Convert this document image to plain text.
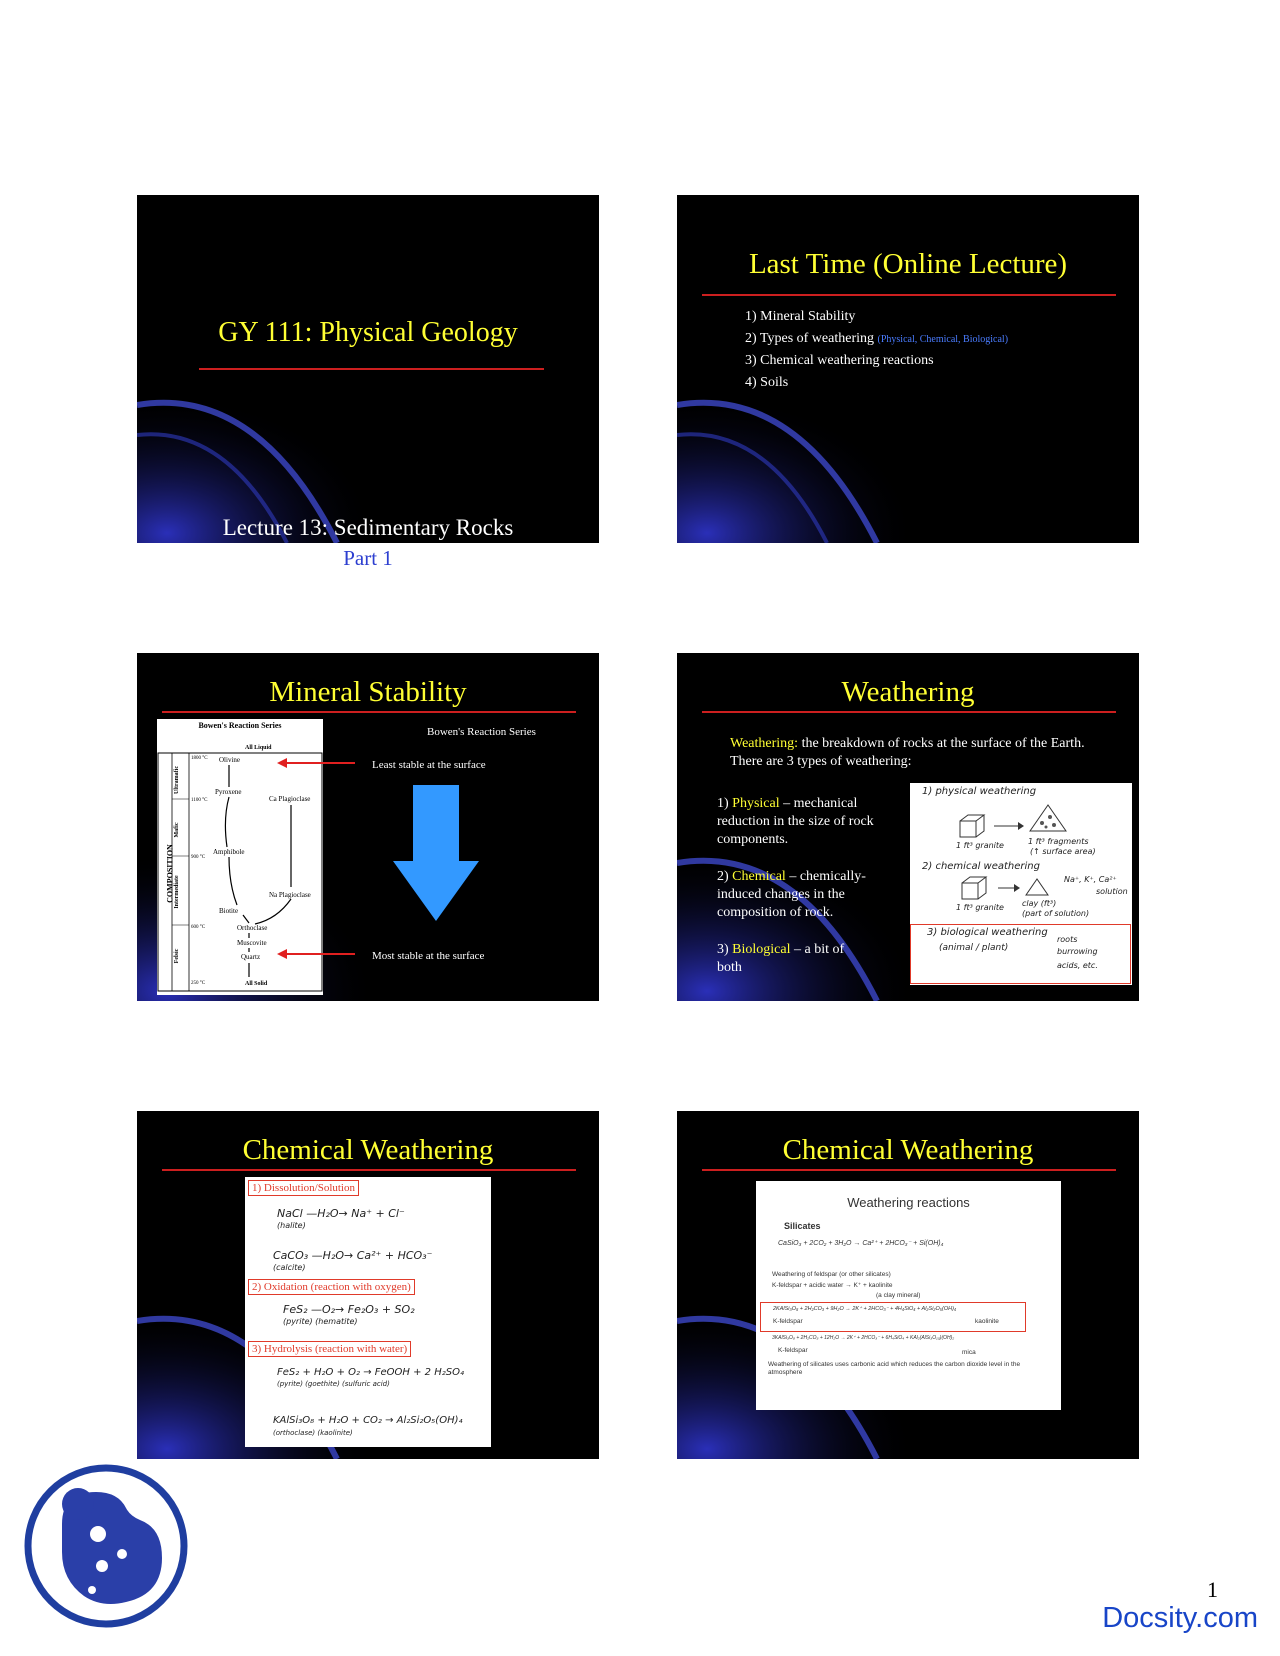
GY 111: Physical Geology
Lecture 13: Sedimentary Rocks
Part 1
Last Time (Online Lecture)
1) Mineral Stability
2) Types of weathering (Physical, Chemical, Biological)
3) Chemical weathering reactions
4) Soils
Mineral Stability
Bowen's Reaction Series
All Liquid
All Solid
COMPOSITION
Ultramafic
Mafic
Intermediate
Felsic
1800 °C
1100 °C
900 °C
600 °C
250 °C
Olivine
Pyroxene
Amphibole
Biotite
Orthoclase
Muscovite
Quartz
Ca Plagioclase
Na Plagioclase
Bowen's Reaction Series
Least stable at the surface
Most stable at the surface
Weathering
Weathering: the breakdown of rocks at the surface of the Earth. There are 3 types of weathering:
1) Physical – mechanical reduction in the size of rock components.
2) Chemical – chemically-induced changes in the composition of rock.
3) Biological – a bit of both
1) physical weathering
1 ft³ granite	1 ft³ fragments
(↑ surface area)
2) chemical weathering
Na⁺, K⁺, Ca²⁺
solution
1 ft³ granite clay (ft³)
(part of solution)
3) biological weathering
(animal / plant)
roots
burrowing
acids, etc.
Chemical Weathering
1) Dissolution/Solution
NaCl —H₂O→ Na⁺ + Cl⁻
(halite)
CaCO₃ —H₂O→ Ca²⁺ + HCO₃⁻
(calcite)
2) Oxidation (reaction with oxygen)
FeS₂ —O₂→ Fe₂O₃ + SO₂
(pyrite) (hematite)
3) Hydrolysis (reaction with water)
FeS₂ + H₂O + O₂ → FeOOH + 2 H₂SO₄
(pyrite) (goethite) (sulfuric acid)
KAlSi₃O₈ + H₂O + CO₂ → Al₂Si₂O₅(OH)₄
(orthoclase) (kaolinite)
Chemical Weathering
Weathering reactions
Silicates
CaSiO₃ + 2CO₂ + 3H₂O → Ca²⁺ + 2HCO₃⁻ + Si(OH)₄
Weathering of feldspar (or other silicates)
K-feldspar + acidic water → K⁺ + kaolinite
(a clay mineral)
2KAlSi₃O₈ + 2H₂CO₃ + 9H₂O → 2K⁺ + 2HCO₃⁻ + 4H₄SiO₄ + Al₂Si₂O₅(OH)₄
K-feldspar	kaolinite
3KAlSi₃O₈ + 2H₂CO₃ + 12H₂O → 2K⁺ + 2HCO₃⁻ + 6H₄SiO₄ + KAl₂(AlSi₃O₁₀)(OH)₂
K-feldspar	mica
Weathering of silicates uses carbonic acid which reduces the carbon dioxide level in the atmosphere
1
Docsity.com
